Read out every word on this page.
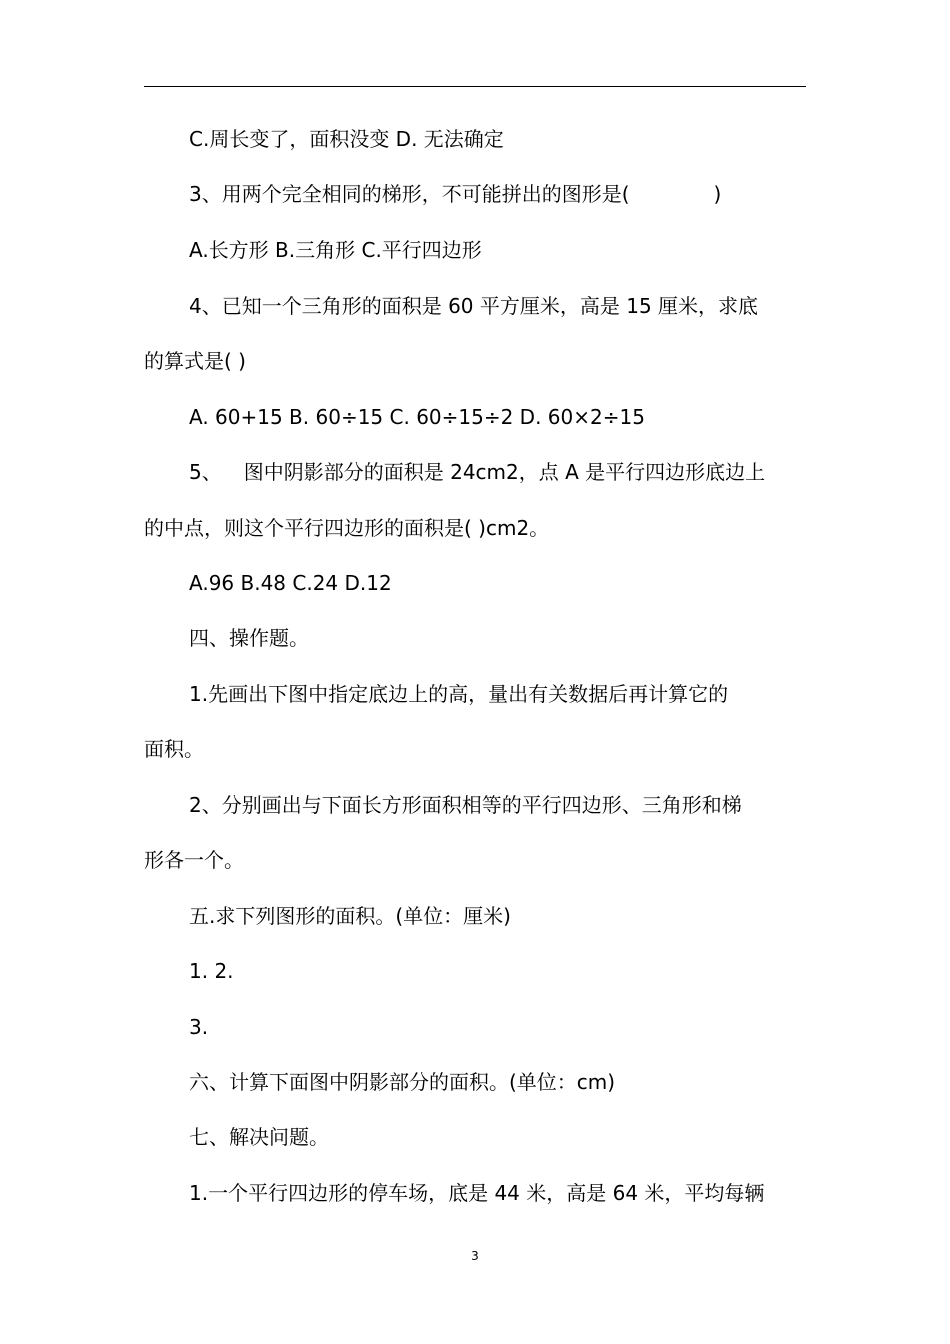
C.周长变了，面积没变 D. 无法确定
3、用两个完全相同的梯形，不可能拼出的图形是(	)
A.长方形 B.三角形 C.平行四边形
4、已知一个三角形的面积是 60 平方厘米，高是 15 厘米，求底
的算式是( )
A. 60+15 B. 60÷15 C. 60÷15÷2 D. 60×2÷15
5、 图中阴影部分的面积是 24cm2，点 A 是平行四边形底边上
的中点，则这个平行四边形的面积是( )cm2。
A.96 B.48 C.24 D.12
四、操作题。
1.先画出下图中指定底边上的高，量出有关数据后再计算它的
面积。
2、分别画出与下面长方形面积相等的平行四边形、三角形和梯
形各一个。
五.求下列图形的面积。(单位：厘米)
1. 2.
3.
六、计算下面图中阴影部分的面积。(单位：cm)
七、解决问题。
1.一个平行四边形的停车场，底是 44 米，高是 64 米，平均每辆
3
